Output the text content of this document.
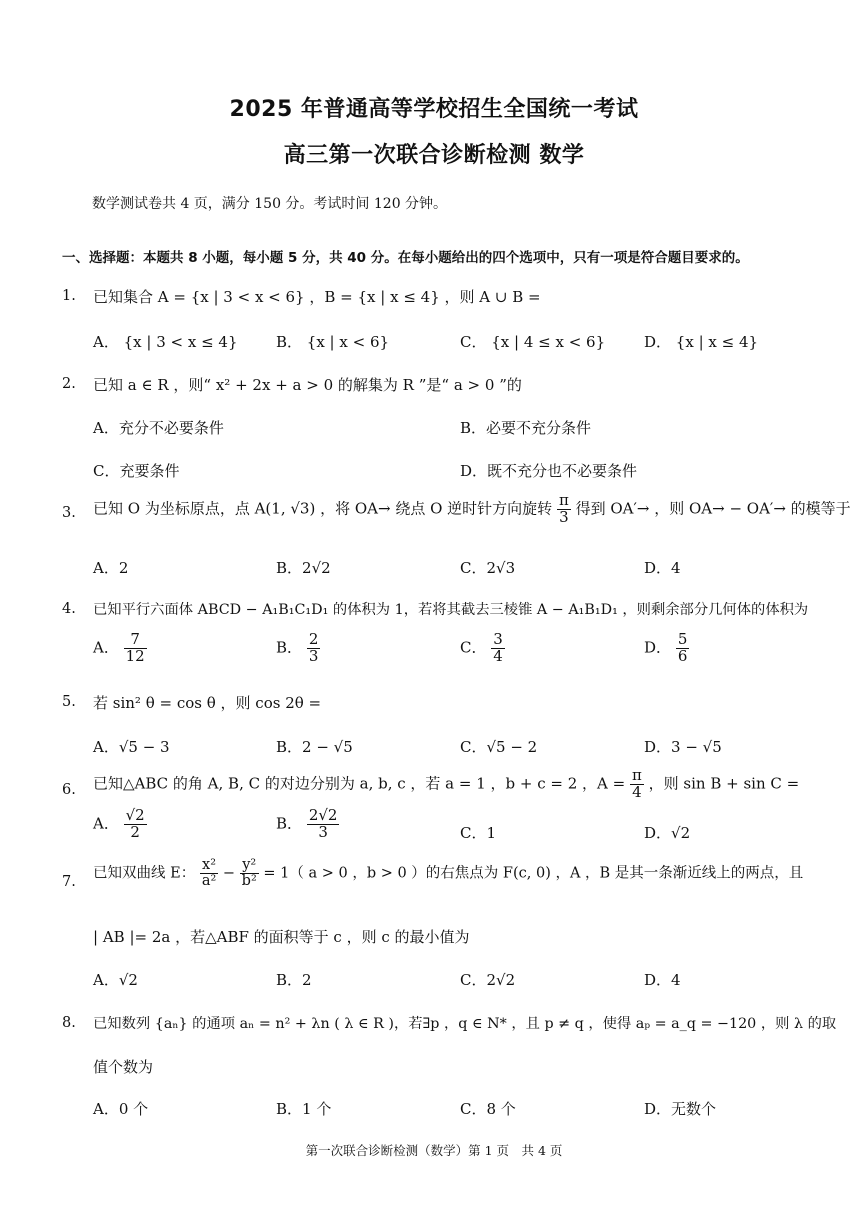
2025 年普通高等学校招生全国统一考试
高三第一次联合诊断检测 数学
数学测试卷共 4 页，满分 150 分。考试时间 120 分钟。
一、选择题：本题共 8 小题，每小题 5 分，共 40 分。在每小题给出的四个选项中，只有一项是符合题目要求的。
1. 已知集合 A = {x | 3 < x < 6} ，B = {x | x ≤ 4} ，则 A ∪ B =
A． {x | 3 < x ≤ 4}	B． {x | x < 6}	C． {x | 4 ≤ x < 6}	D． {x | x ≤ 4}
2. 已知 a ∈ R ，则“ x² + 2x + a > 0 的解集为 R ”是“ a > 0 ”的
A．充分不必要条件	B．必要不充分条件
C．充要条件	D．既不充分也不必要条件
3. 已知 O 为坐标原点，点 A(1, √3) ，将 OA→ 绕点 O 逆时针方向旋转 $\frac{\pi}{3}$ 得到 OA′→ ，则 OA→ − OA′→ 的模等于
A．2	B．2√2	C．2√3	D．4
4. 已知平行六面体 ABCD − A₁B₁C₁D₁ 的体积为 1，若将其截去三棱锥 A − A₁B₁D₁ ，则剩余部分几何体的体积为
A． $\frac{7}{12}$	B． $\frac{2}{3}$	C． $\frac{3}{4}$	D． $\frac{5}{6}$
5. 若 sin² θ = cos θ ，则 cos 2θ =
A．√5 − 3	B．2 − √5	C．√5 − 2	D．3 − √5
6. 已知△ABC 的角 A, B, C 的对边分别为 a, b, c ，若 a = 1 ，b + c = 2 ，$A = \frac{\pi}{4}$ ，则 sin B + sin C =
A． $\frac{√2}{2}$	B． $\frac{2√2}{3}$	C．1	D．√2
7.
已知双曲线 E： $\frac{\text{x²}}{\text{a²}} - \frac{\text{y²}}{\text{b²}} = 1$（ a > 0 ，b > 0 ）的右焦点为 F(c, 0) ，A ，B 是其一条渐近线上的两点，且
| AB |= 2a ，若△ABF 的面积等于 c ，则 c 的最小值为
A．√2	B．2	C．2√2	D．4
8. 已知数列 {aₙ} 的通项 aₙ = n² + λn ( λ ∈ R )，若∃p ，q ∈ N* ，且 p ≠ q ，使得 aₚ = a_q = −120 ，则 λ 的取
值个数为
A．0 个	B．1 个	C．8 个	D．无数个
第一次联合诊断检测（数学）第 1 页　共 4 页
